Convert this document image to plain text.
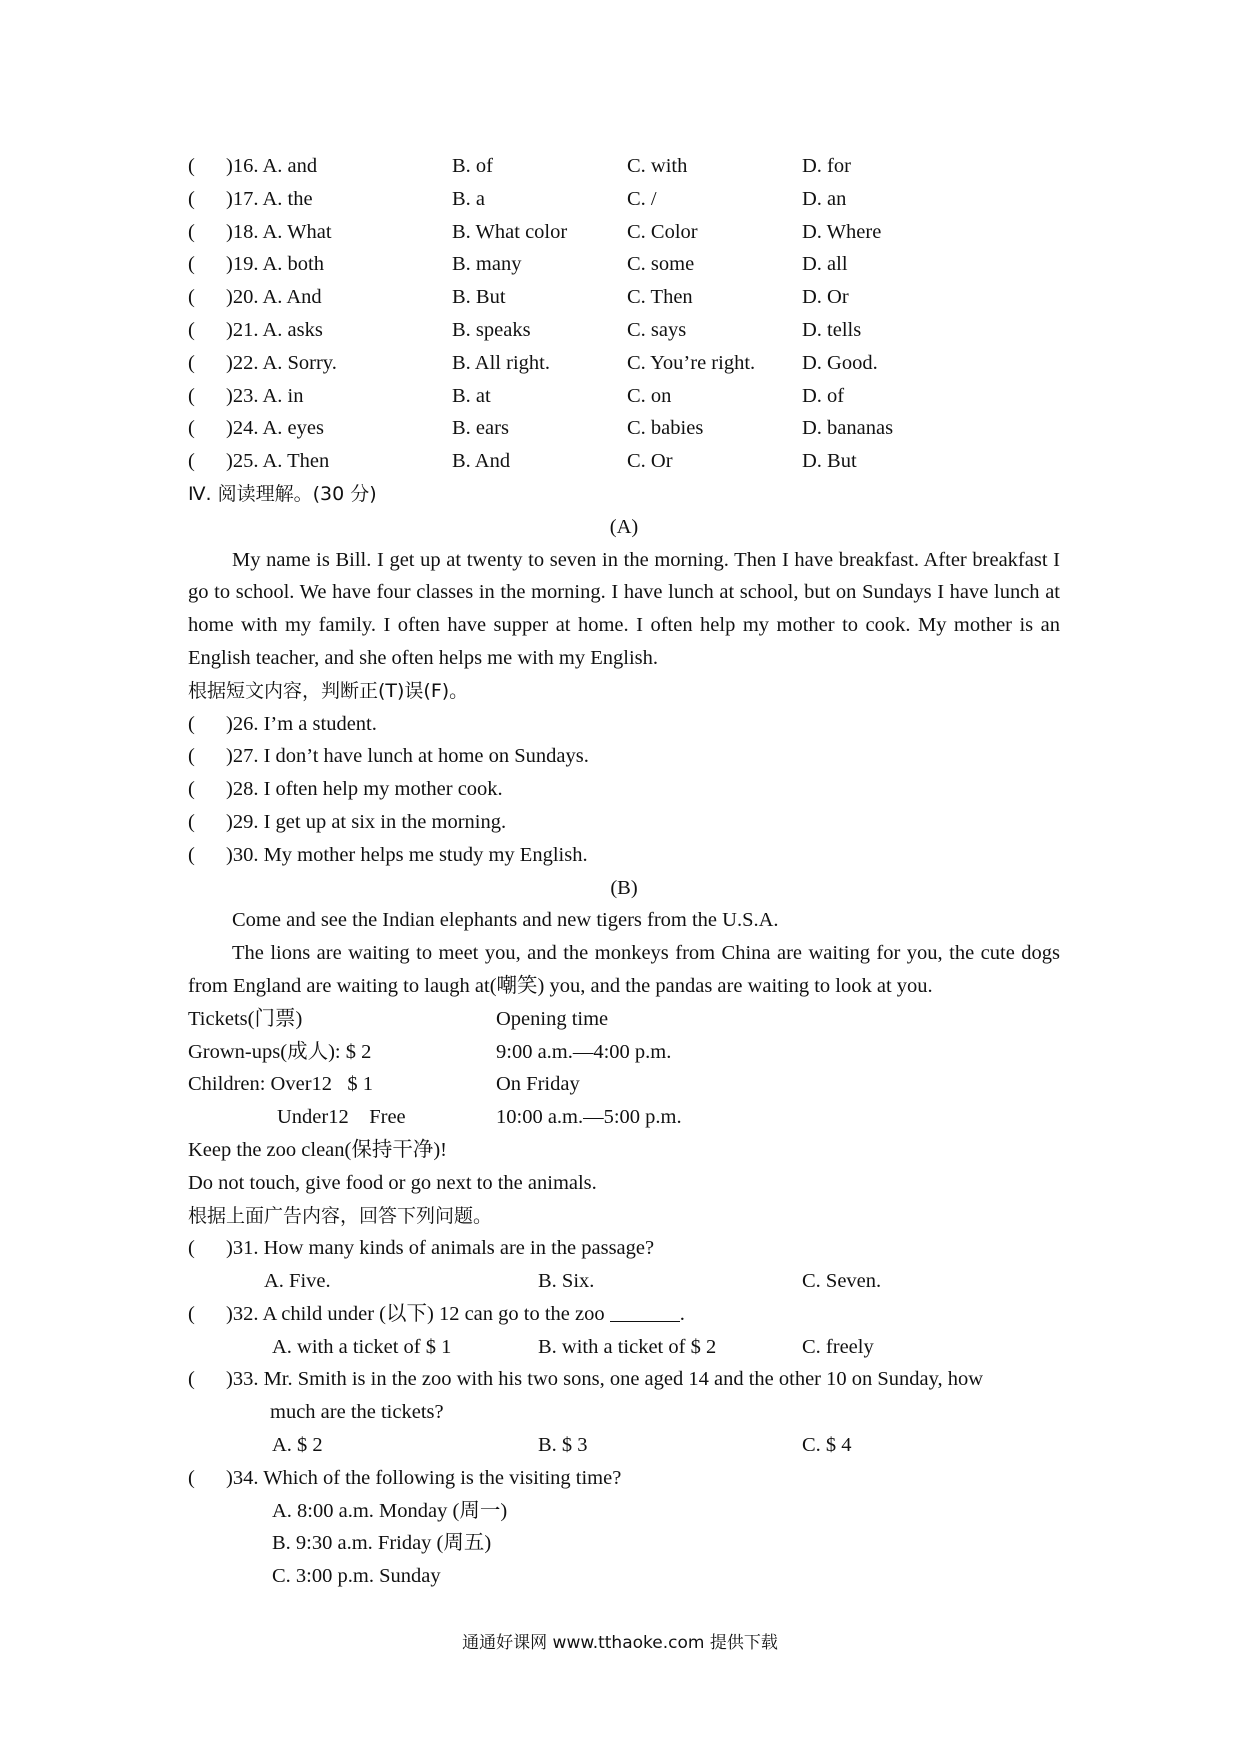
( )16. A. and	B. of	C. with	D. for
( )17. A. the	B. a	C. /	D. an
( )18. A. What	B. What color	C. Color	D. Where
( )19. A. both	B. many	C. some	D. all
( )20. A. And	B. But	C. Then	D. Or
( )21. A. asks	B. speaks	C. says	D. tells
( )22. A. Sorry.	B. All right.	C. You’re right. D. Good.
( )23. A. in	B. at	C. on	D. of
( )24. A. eyes	B. ears	C. babies	D. bananas
( )25. A. Then	B. And	C. Or	D. But
Ⅳ. 阅读理解。(30 分)
(A)

My name is Bill. I get up at twenty to seven in the morning. Then I have breakfast. After breakfast I go to school. We have four classes in the morning. I have lunch at school, but on Sundays I have lunch at home with my family. I often have supper at home. I often help my mother to cook. My mother is an English teacher, and she often helps me with my English.

根据短文内容，判断正(T)误(F)。
( )26. I’m a student.
( )27. I don’t have lunch at home on Sundays.
( )28. I often help my mother cook.
( )29. I get up at six in the morning.
( )30. My mother helps me study my English.
(B)

Come and see the Indian elephants and new tigers from the U.S.A.

The lions are waiting to meet you, and the monkeys from China are waiting for you, the cute dogs from England are waiting to laugh at(嘲笑) you, and the pandas are waiting to look at you.

Tickets(门票)	Opening time
Grown-ups(成人): $ 2	9:00 a.m.—4:00 p.m.
Children: Over12   $ 1	On Friday
Under12    Free	10:00 a.m.—5:00 p.m.
Keep the zoo clean(保持干净)!
Do not touch, give food or go next to the animals.
根据上面广告内容，回答下列问题。
( )31. How many kinds of animals are in the passage?
A. Five.	B. Six.	C. Seven.
( )32. A child under (以下) 12 can go to the zoo	.
A. with a ticket of $ 1	B. with a ticket of $ 2	C. freely
( )33. Mr. Smith is in the zoo with his two sons, one aged 14 and the other 10 on Sunday, how
much are the tickets?
A. $ 2	B. $ 3	C. $ 4
( )34. Which of the following is the visiting time?
A. 8:00 a.m. Monday (周一)
B. 9:30 a.m. Friday (周五)
C. 3:00 p.m. Sunday
通通好课网 www.tthaoke.com 提供下载
